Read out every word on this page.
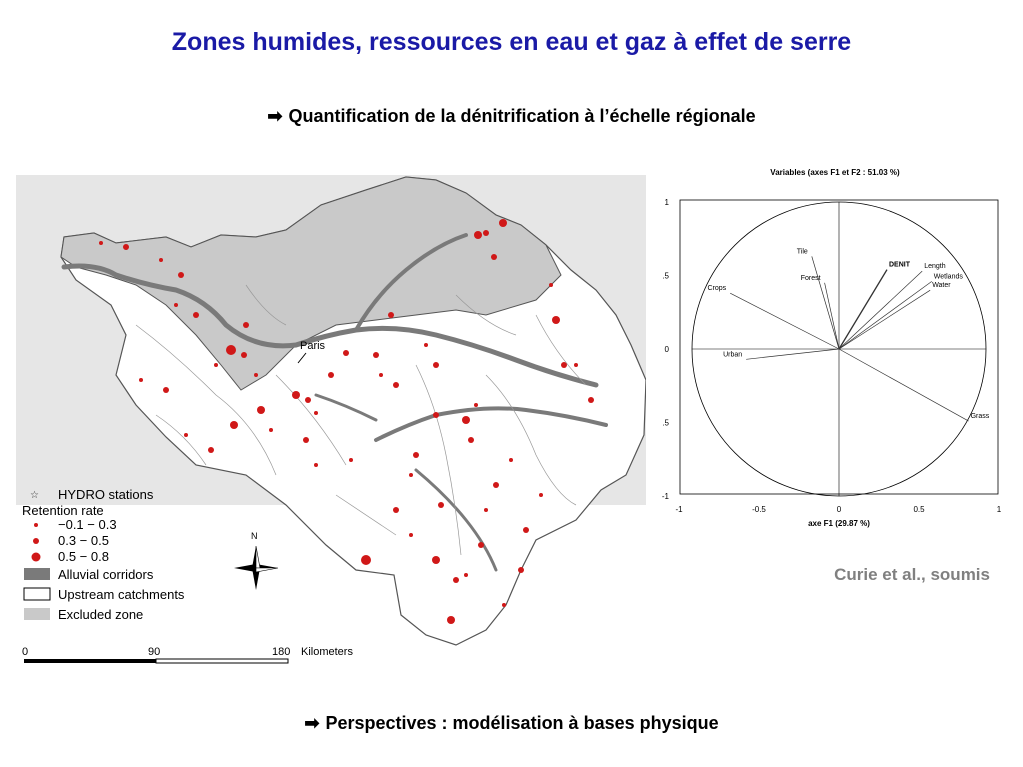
Zones humides, ressources en eau et gaz à effet de serre
➡ Quantification de la dénitrification à l’échelle régionale
Paris
☆ HYDRO stations
Retention rate
−0.1 − 0.3
0.3 − 0.5
0.5 − 0.8
Alluvial corridors
Upstream catchments
Excluded zone
N
0	90	180 Kilometers
Variables (axes F1 et F2 : 51.03 %)
-1	-0.5	0	0.5	1
1
.5
0
.5
-1
Tile
Forest
DENIT Length
Wetlands
Water
Crops
Urban
Grass
axe F1 (29.87 %)
Curie et al., soumis
➡ Perspectives : modélisation à bases physique
